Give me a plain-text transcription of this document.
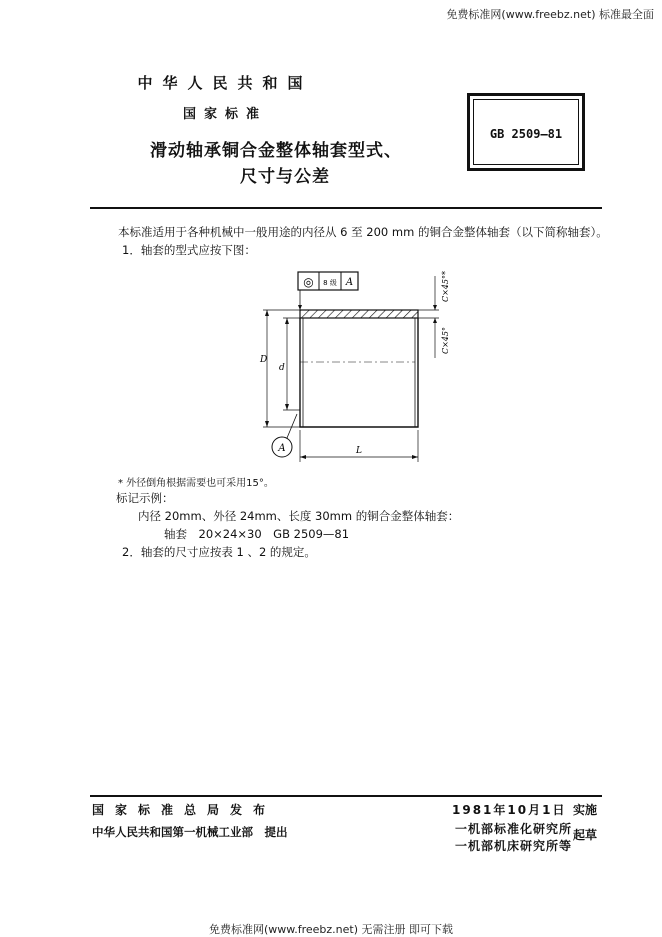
免费标准网(www.freebz.net) 标准最全面
中华人民共和国
国家标准
滑动轴承铜合金整体轴套型式、
尺寸与公差
GB 2509—81
本标准适用于各种机械中一般用途的内径从 6 至 200 mm 的铜合金整体轴套（以下简称轴套）。
1．轴套的型式应按下图：
◎ 8 级 A
D
d
L
A
C×45°*
C×45°
* 外径倒角根据需要也可采用15°。
标记示例：
内径 20mm、外径 24mm、长度 30mm 的铜合金整体轴套：
轴套　20×24×30　GB 2509—81
2．轴套的尺寸应按表 1 、2 的规定。
国家标准总局发布
中华人民共和国第一机械工业部　提出
1981年10月1日 实施
一机部标准化研究所
一机部机床研究所等
起草
免费标准网(www.freebz.net) 无需注册 即可下载
